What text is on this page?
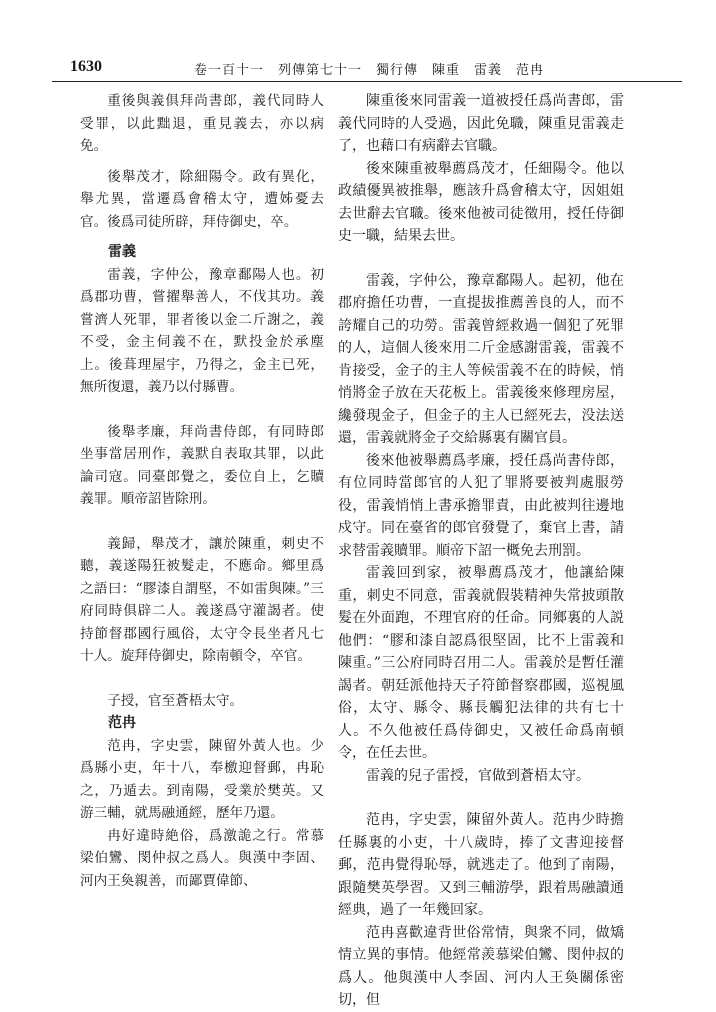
1630	卷一百十一　列傳第七十一　獨行傳　陳重　雷義　范冉

重後與義俱拜尚書郎，義代同時人受罪，以此黜退，重見義去，亦以病免。

後舉茂才，除細陽令。政有異化，舉尤異，當遷爲會稽太守，遭姊憂去官。後爲司徒所辟，拜侍御史，卒。

雷義

雷義，字仲公，豫章鄱陽人也。初爲郡功曹，嘗擢舉善人，不伐其功。義嘗濟人死罪，罪者後以金二斤謝之，義不受，金主伺義不在，默投金於承塵上。後葺理屋宇，乃得之，金主已死，無所復還，義乃以付縣曹。

後舉孝廉，拜尚書侍郎，有同時郎坐事當居刑作，義默自表取其罪，以此論司寇。同臺郎覺之，委位自上，乞贖義罪。順帝詔皆除刑。

義歸，舉茂才，讓於陳重，刺史不聽，義遂陽狂被髮走，不應命。鄉里爲之語曰：“膠漆自謂堅，不如雷與陳。”三府同時俱辟二人。義遂爲守灌謁者。使持節督郡國行風俗，太守令長坐者凡七十人。旋拜侍御史，除南頓令，卒官。

子授，官至蒼梧太守。

范冉

范冉，字史雲，陳留外黃人也。少爲縣小吏，年十八，奉檄迎督郵，冉恥之，乃遁去。到南陽，受業於樊英。又游三輔，就馬融通經，歷年乃還。

冉好違時絶俗，爲激詭之行。常慕梁伯鸞、閔仲叔之爲人。與漢中李固、河内王奐親善，而鄙賈偉節、

陳重後來同雷義一道被授任爲尚書郎，雷義代同時的人受過，因此免職，陳重見雷義走了，也藉口有病辭去官職。

後來陳重被舉薦爲茂才，任細陽令。他以政績優異被推舉，應該升爲會稽太守，因姐姐去世辭去官職。後來他被司徒徵用，授任侍御史一職，結果去世。

雷義，字仲公，豫章鄱陽人。起初，他在郡府擔任功曹，一直提拔推薦善良的人，而不誇耀自己的功勞。雷義曾經救過一個犯了死罪的人，這個人後來用二斤金感謝雷義，雷義不肯接受，金子的主人等候雷義不在的時候，悄悄將金子放在天花板上。雷義後來修理房屋，纔發現金子，但金子的主人已經死去，没法送還，雷義就將金子交給縣裏有關官員。

後來他被舉薦爲孝廉，授任爲尚書侍郎，有位同時當郎官的人犯了罪將要被判處服勞役，雷義悄悄上書承擔罪責，由此被判往邊地戍守。同在臺省的郎官發覺了，棄官上書，請求替雷義贖罪。順帝下詔一概免去刑罰。

雷義回到家，被舉薦爲茂才，他讓給陳重，刺史不同意，雷義就假裝精神失常披頭散髮在外面跑，不理官府的任命。同鄉裏的人説他們：“膠和漆自認爲很堅固，比不上雷義和陳重。”三公府同時召用二人。雷義於是暫任灌謁者。朝廷派他持天子符節督察郡國，巡視風俗，太守、縣令、縣長觸犯法律的共有七十人。不久他被任爲侍御史，又被任命爲南頓令，在任去世。

雷義的兒子雷授，官做到蒼梧太守。

范冉，字史雲，陳留外黃人。范冉少時擔任縣裏的小吏，十八歲時，捧了文書迎接督郵，范冉覺得恥辱，就逃走了。他到了南陽，跟隨樊英學習。又到三輔游學，跟着馬融讀通經典，過了一年幾回家。

范冉喜歡違背世俗常情，與衆不同，做矯情立異的事情。他經常羨慕梁伯鸞、閔仲叔的爲人。他與漢中人李固、河内人王奐關係密切，但
